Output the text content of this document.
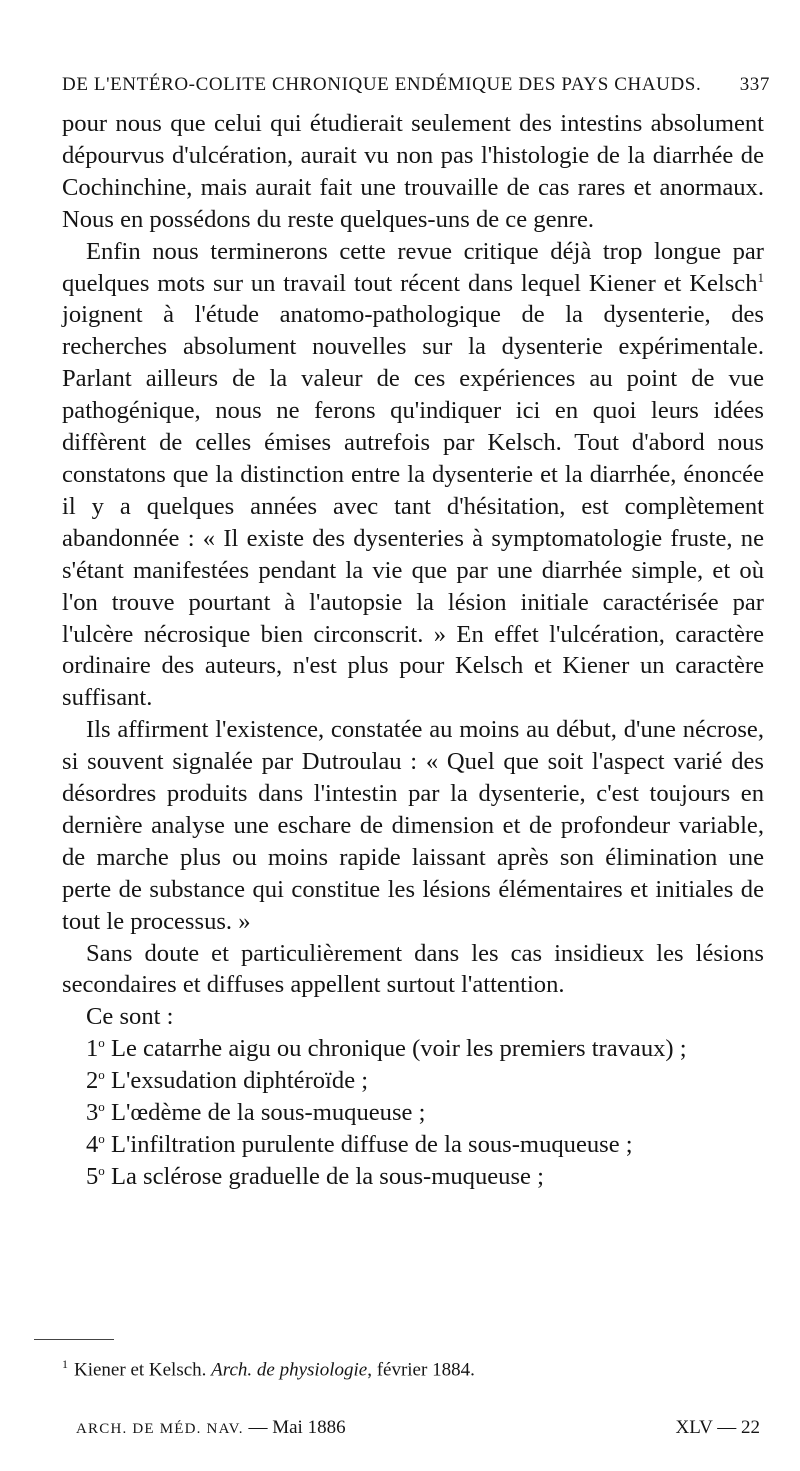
DE L'ENTÉRO-COLITE CHRONIQUE ENDÉMIQUE DES PAYS CHAUDS. 337

pour nous que celui qui étudierait seulement des intestins absolument dépourvus d'ulcération, aurait vu non pas l'histologie de la diarrhée de Cochinchine, mais aurait fait une trouvaille de cas rares et anormaux. Nous en possédons du reste quelques-uns de ce genre.

Enfin nous terminerons cette revue critique déjà trop longue par quelques mots sur un travail tout récent dans lequel Kiener et Kelsch$^1$ joignent à l'étude anatomo-pathologique de la dysenterie, des recherches absolument nouvelles sur la dysenterie expérimentale. Parlant ailleurs de la valeur de ces expériences au point de vue pathogénique, nous ne ferons qu'indiquer ici en quoi leurs idées diffèrent de celles émises autrefois par Kelsch. Tout d'abord nous constatons que la distinction entre la dysenterie et la diarrhée, énoncée il y a quelques années avec tant d'hésitation, est complètement abandonnée : « Il existe des dysenteries à symptomatologie fruste, ne s'étant manifestées pendant la vie que par une diarrhée simple, et où l'on trouve pourtant à l'autopsie la lésion initiale caractérisée par l'ulcère nécrosique bien circonscrit. » En effet l'ulcération, caractère ordinaire des auteurs, n'est plus pour Kelsch et Kiener un caractère suffisant.

Ils affirment l'existence, constatée au moins au début, d'une nécrose, si souvent signalée par Dutroulau : « Quel que soit l'aspect varié des désordres produits dans l'intestin par la dysenterie, c'est toujours en dernière analyse une eschare de dimension et de profondeur variable, de marche plus ou moins rapide laissant après son élimination une perte de substance qui constitue les lésions élémentaires et initiales de tout le processus. »

Sans doute et particulièrement dans les cas insidieux les lésions secondaires et diffuses appellent surtout l'attention.

Ce sont :

1$^o$ Le catarrhe aigu ou chronique (voir les premiers travaux) ;

2$^o$ L'exsudation diphtéroïde ;

3$^o$ L'œdème de la sous-muqueuse ;

4$^o$ L'infiltration purulente diffuse de la sous-muqueuse ;

5$^o$ La sclérose graduelle de la sous-muqueuse ;

$^1$ Kiener et Kelsch. Arch. de physiologie, février 1884.
ARCH. DE MÉD. NAV. — Mai 1886	XLV — 22
